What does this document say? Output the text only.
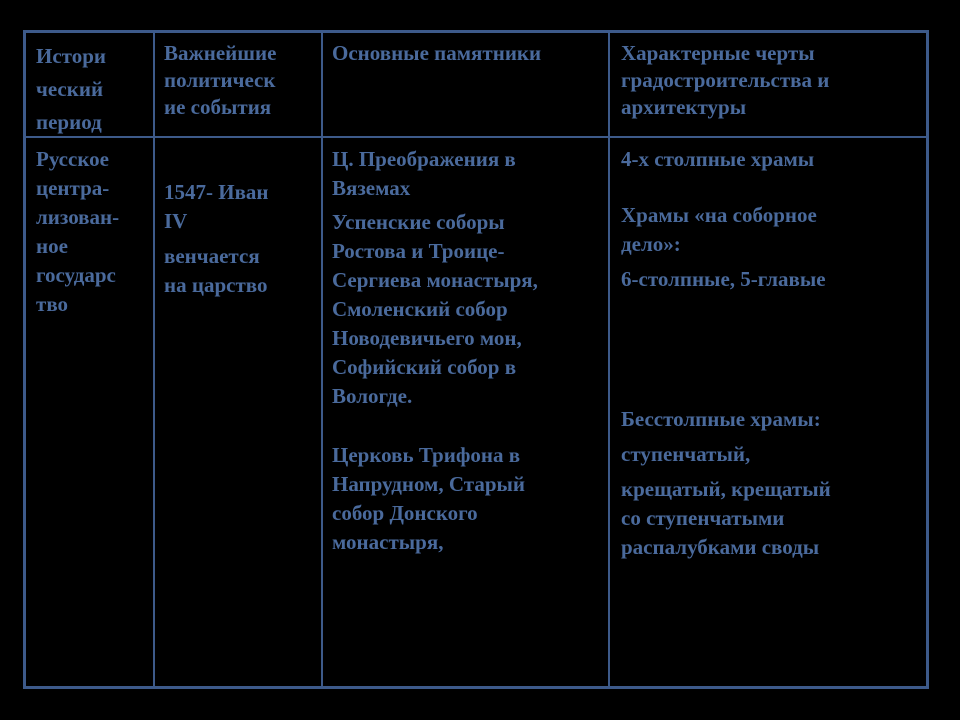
Истори
ческий
период

Важнейшие
политическ
ие события

Основные памятники	Характерные черты
градостроительства и
архитектуры

Русское
центра-
лизован-
ное
государс
тво

1547- Иван
IV

венчается
на царство

Ц. Преображения в
Вяземах

Успенские соборы
Ростова и Троице-
Сергиева монастыря,
Смоленский собор
Новодевичьего мон,
Софийский собор в
Вологде.

Церковь Трифона в
Напрудном, Старый
собор Донского
монастыря,

4-х столпные храмы

Храмы «на соборное
дело»:

6-столпные, 5-главые

Бесстолпные храмы:

ступенчатый,

крещатый, крещатый
со ступенчатыми
распалубками своды
